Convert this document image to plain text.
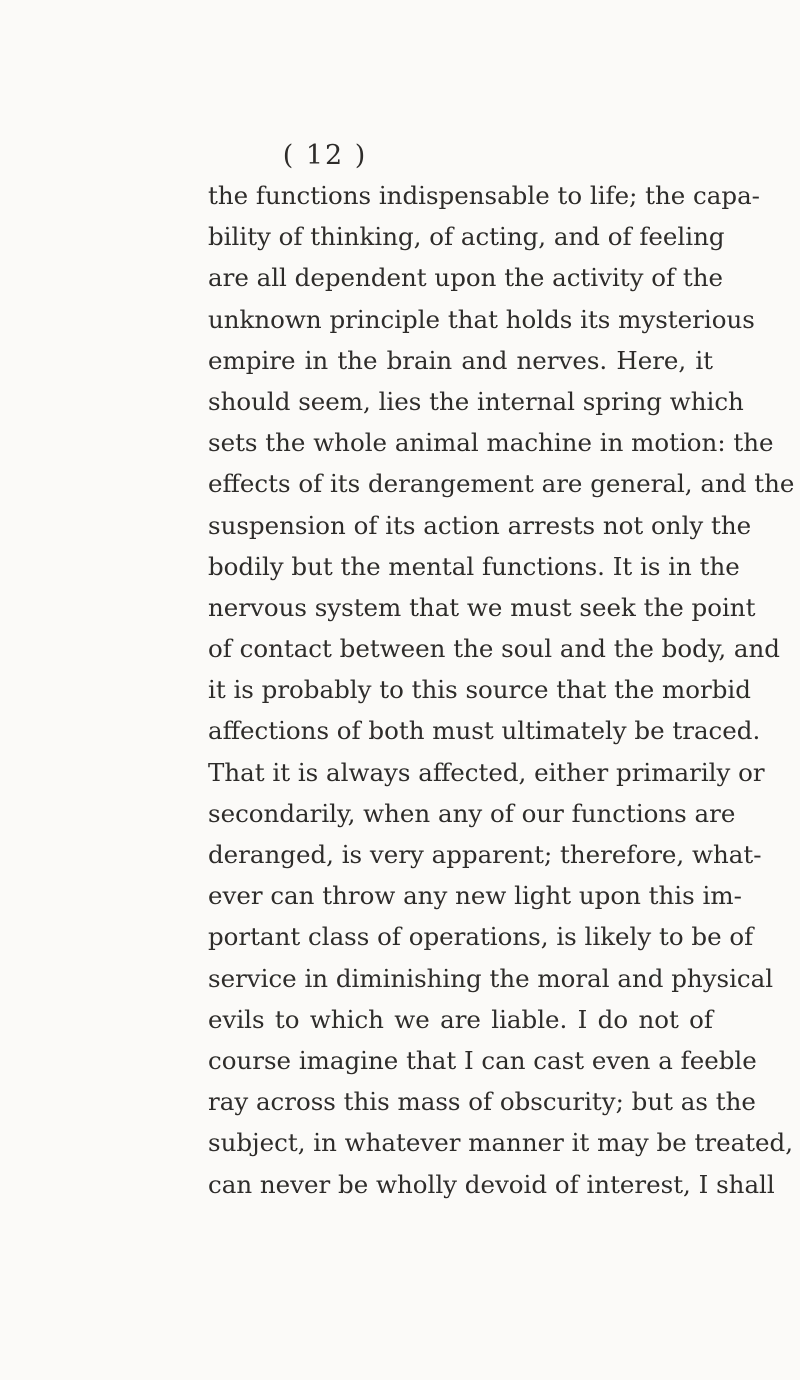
( 12 )
the functions indispensable to life; the capa-
bility of thinking, of acting, and of feeling
are all dependent upon the activity of the
unknown principle that holds its mysterious
empire in the brain and nerves. Here, it
should seem, lies the internal spring which
sets the whole animal machine in motion: the
effects of its derangement are general, and the
suspension of its action arrests not only the
bodily but the mental functions. It is in the
nervous system that we must seek the point
of contact between the soul and the body, and
it is probably to this source that the morbid
affections of both must ultimately be traced.
That it is always affected, either primarily or
secondarily, when any of our functions are
deranged, is very apparent; therefore, what-
ever can throw any new light upon this im-
portant class of operations, is likely to be of
service in diminishing the moral and physical
evils to which we are liable. I do not of
course imagine that I can cast even a feeble
ray across this mass of obscurity; but as the
subject, in whatever manner it may be treated,
can never be wholly devoid of interest, I shall
